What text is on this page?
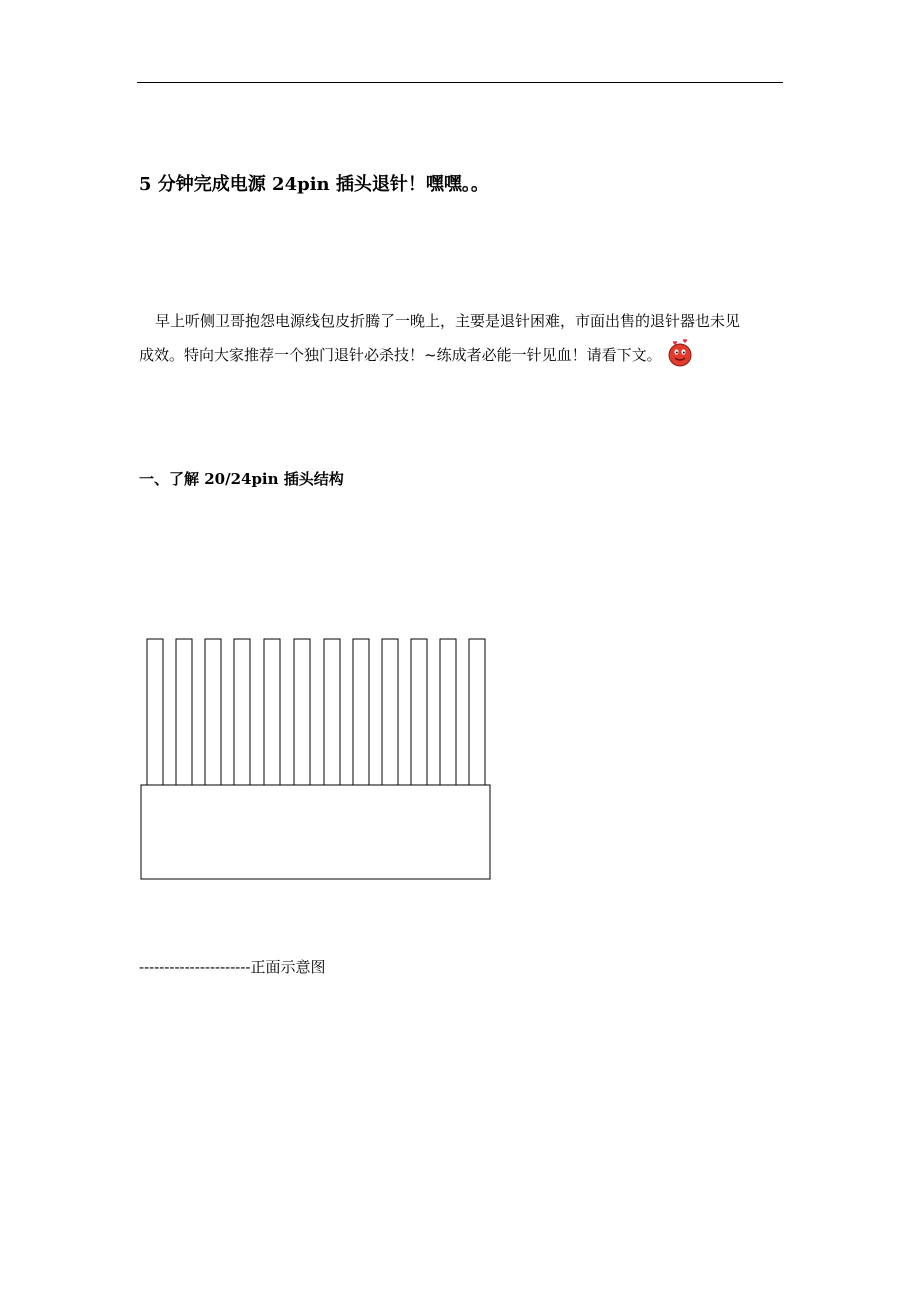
5 分钟完成电源 24pin 插头退针！嘿嘿。。

早上听侧卫哥抱怨电源线包皮折腾了一晚上，主要是退针困难，市面出售的退针器也未见

成效。特向大家推荐一个独门退针必杀技！~练成者必能一针见血！请看下文。

一、了解 20/24pin 插头结构
----------------------正面示意图
